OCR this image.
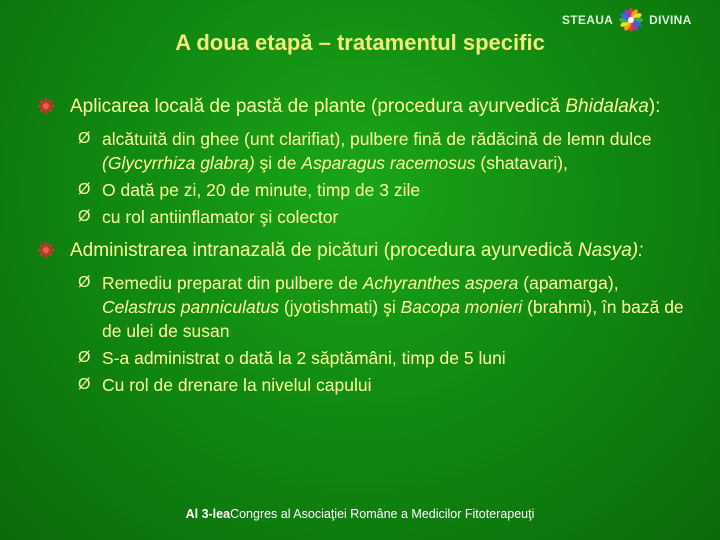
STEAUA	DIVINA
A doua etapă – tratamentul specific
Aplicarea locală de pastă de plante (procedura ayurvedică Bhidalaka):
Ø alcătuită din ghee (unt clarifiat), pulbere fină de rădăcină de lemn dulce (Glycyrrhiza glabra) şi de Asparagus racemosus (shatavari),
Ø O dată pe zi, 20 de minute, timp de 3 zile
Ø cu rol antiinflamator şi colector
Administrarea intranazală de picături (procedura ayurvedică Nasya):
Ø Remediu preparat din pulbere de Achyranthes aspera (apamarga), Celastrus panniculatus (jyotishmati) şi Bacopa monieri (brahmi), în bază de de ulei de susan
Ø S-a administrat o dată la 2 săptămâni, timp de 5 luni
Ø Cu rol de drenare la nivelul capului
Al 3-leaCongres al Asociaţiei Române a Medicilor Fitoterapeuţi
